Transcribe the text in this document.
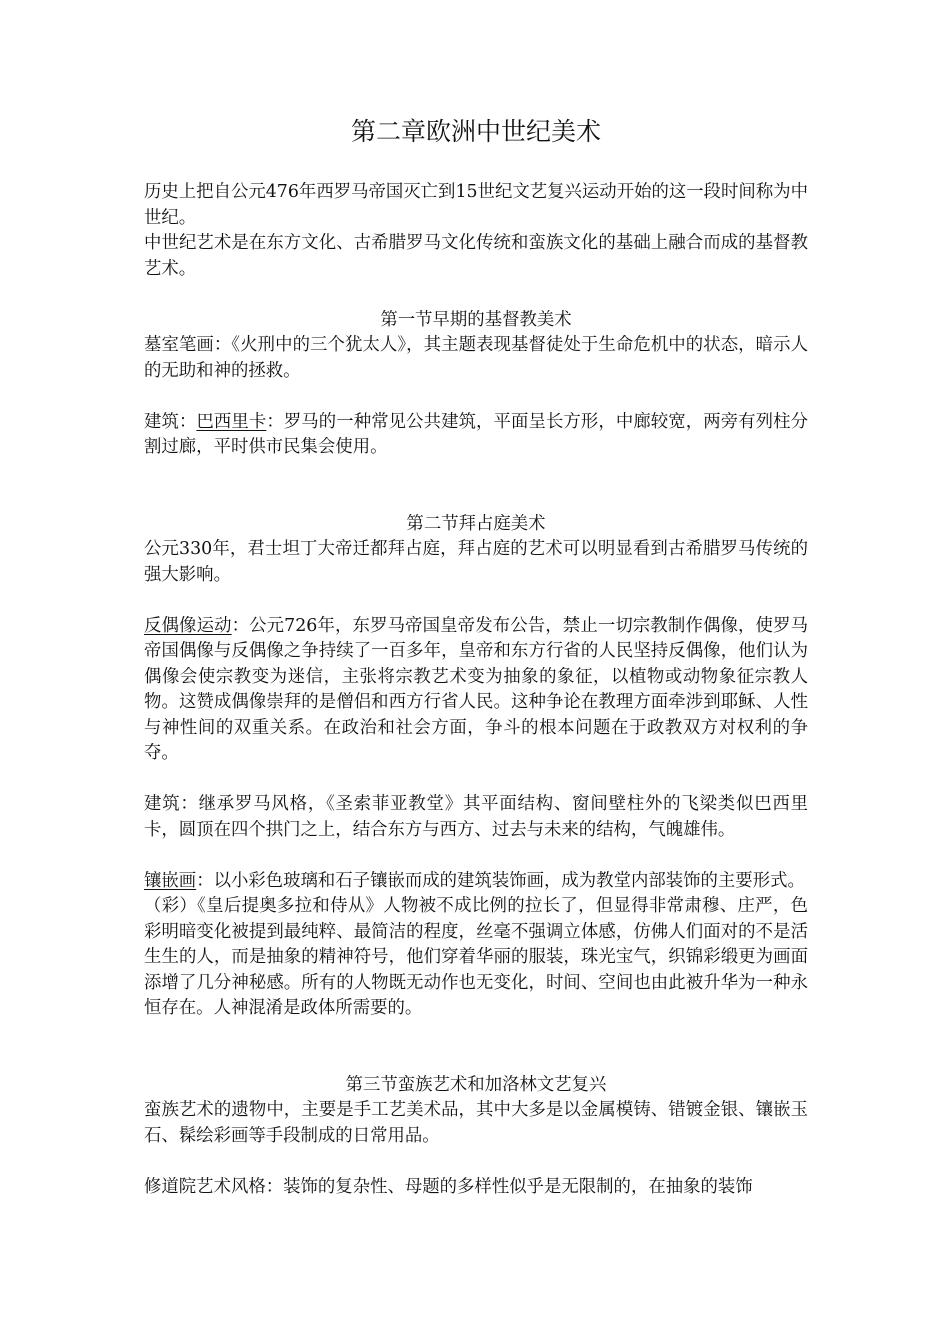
第二章欧洲中世纪美术

历史上把自公元476年西罗马帝国灭亡到15世纪文艺复兴运动开始的这一段时间称为中世纪。

中世纪艺术是在东方文化、古希腊罗马文化传统和蛮族文化的基础上融合而成的基督教艺术。

第一节早期的基督教美术

墓室笔画：《火刑中的三个犹太人》，其主题表现基督徒处于生命危机中的状态，暗示人的无助和神的拯救。

建筑：巴西里卡：罗马的一种常见公共建筑，平面呈长方形，中廊较宽，两旁有列柱分割过廊，平时供市民集会使用。

第二节拜占庭美术

公元330年，君士坦丁大帝迁都拜占庭，拜占庭的艺术可以明显看到古希腊罗马传统的强大影响。

反偶像运动：公元726年，东罗马帝国皇帝发布公告，禁止一切宗教制作偶像，使罗马帝国偶像与反偶像之争持续了一百多年，皇帝和东方行省的人民坚持反偶像，他们认为偶像会使宗教变为迷信，主张将宗教艺术变为抽象的象征，以植物或动物象征宗教人物。这赞成偶像崇拜的是僧侣和西方行省人民。这种争论在教理方面牵涉到耶稣、人性与神性间的双重关系。在政治和社会方面，争斗的根本问题在于政教双方对权利的争夺。

建筑：继承罗马风格，《圣索菲亚教堂》其平面结构、窗间壁柱外的飞梁类似巴西里卡，圆顶在四个拱门之上，结合东方与西方、过去与未来的结构，气魄雄伟。

镶嵌画：以小彩色玻璃和石子镶嵌而成的建筑装饰画，成为教堂内部装饰的主要形式。

（彩）《皇后提奥多拉和侍从》人物被不成比例的拉长了，但显得非常肃穆、庄严，色彩明暗变化被提到最纯粹、最简洁的程度，丝毫不强调立体感，仿佛人们面对的不是活生生的人，而是抽象的精神符号，他们穿着华丽的服装，珠光宝气，织锦彩缎更为画面添增了几分神秘感。所有的人物既无动作也无变化，时间、空间也由此被升华为一种永恒存在。人神混淆是政体所需要的。

第三节蛮族艺术和加洛林文艺复兴

蛮族艺术的遗物中，主要是手工艺美术品，其中大多是以金属模铸、错镀金银、镶嵌玉石、髹绘彩画等手段制成的日常用品。

修道院艺术风格：装饰的复杂性、母题的多样性似乎是无限制的，在抽象的装饰
